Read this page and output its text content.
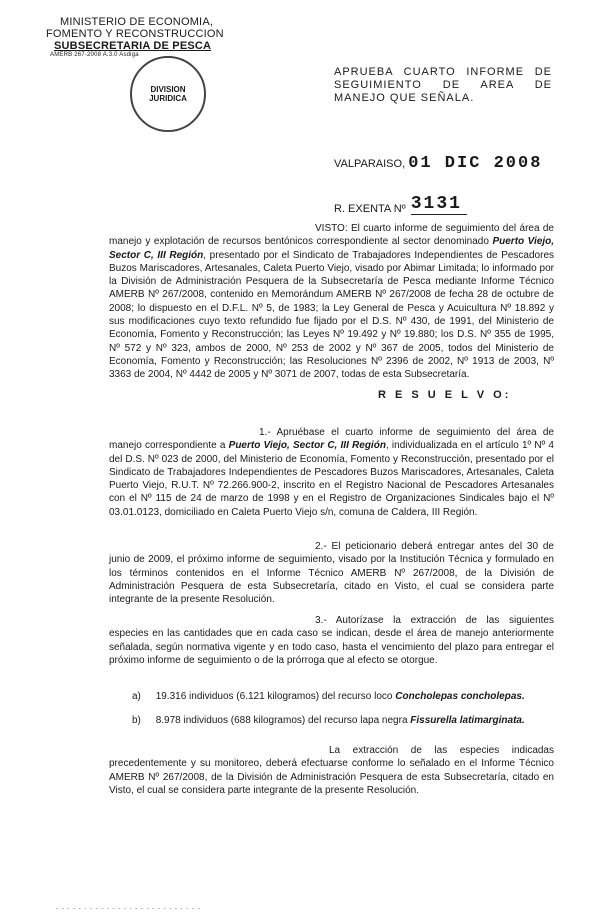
MINISTERIO DE ECONOMIA,
FOMENTO Y RECONSTRUCCION
SUBSECRETARIA DE PESCA
AMERB 267-2008 A.3.0 Asdiga
DIVISION
JURIDICA
APRUEBA CUARTO INFORME DE SEGUIMIENTO DE AREA DE MANEJO QUE SEÑALA.
VALPARAISO, 01 DIC 2008
R. EXENTA Nº 3131
VISTO: El cuarto informe de seguimiento del área de manejo y explotación de recursos bentónicos correspondiente al sector denominado Puerto Viejo, Sector C, III Región, presentado por el Sindicato de Trabajadores Independientes de Pescadores Buzos Mariscadores, Artesanales, Caleta Puerto Viejo, visado por Abimar Limitada; lo informado por la División de Administración Pesquera de la Subsecretaría de Pesca mediante Informe Técnico AMERB Nº 267/2008, contenido en Memorándum AMERB Nº 267/2008 de fecha 28 de octubre de 2008; lo dispuesto en el D.F.L. Nº 5, de 1983; la Ley General de Pesca y Acuicultura Nº 18.892 y sus modificaciones cuyo texto refundido fue fijado por el D.S. Nº 430, de 1991, del Ministerio de Economía, Fomento y Reconstrucción; las Leyes Nº 19.492 y Nº 19.880; los D.S. Nº 355 de 1995, Nº 572 y Nº 323, ambos de 2000, Nº 253 de 2002 y Nº 367 de 2005, todos del Ministerio de Economía, Fomento y Reconstrucción; las Resoluciones Nº 2396 de 2002, Nº 1913 de 2003, Nº 3363 de 2004, Nº 4442 de 2005 y Nº 3071 de 2007, todas de esta Subsecretaría.
R E S U E L V O:
1.- Apruébase el cuarto informe de seguimiento del área de manejo correspondiente a Puerto Viejo, Sector C, III Región, individualizada en el artículo 1º Nº 4 del D.S. Nº 023 de 2000, del Ministerio de Economía, Fomento y Reconstrucción, presentado por el Sindicato de Trabajadores Independientes de Pescadores Buzos Mariscadores, Artesanales, Caleta Puerto Viejo, R.U.T. Nº 72.266.900-2, inscrito en el Registro Nacional de Pescadores Artesanales con el Nº 115 de 24 de marzo de 1998 y en el Registro de Organizaciones Sindicales bajo el Nº 03.01.0123, domiciliado en Caleta Puerto Viejo s/n, comuna de Caldera, III Región.
2.- El peticionario deberá entregar antes del 30 de junio de 2009, el próximo informe de seguimiento, visado por la Institución Técnica y formulado en los términos contenidos en el Informe Técnico AMERB Nº 267/2008, de la División de Administración Pesquera de esta Subsecretaría, citado en Visto, el cual se considera parte integrante de la presente Resolución.
3.- Autorízase la extracción de las siguientes especies en las cantidades que en cada caso se indican, desde el área de manejo anteriormente señalada, según normativa vigente y en todo caso, hasta el vencimiento del plazo para entregar el próximo informe de seguimiento o de la prórroga que al efecto se otorgue.
a) 19.316 individuos (6.121 kilogramos) del recurso loco Concholepas concholepas.
b) 8.978 individuos (688 kilogramos) del recurso lapa negra Fissurella latimarginata.
La extracción de las especies indicadas precedentemente y su monitoreo, deberá efectuarse conforme lo señalado en el Informe Técnico AMERB Nº 267/2008, de la División de Administración Pesquera de esta Subsecretaría, citado en Visto, el cual se considera parte integrante de la presente Resolución.
- - - - - - - - - - - - - - - - - - - - - - - - - -
